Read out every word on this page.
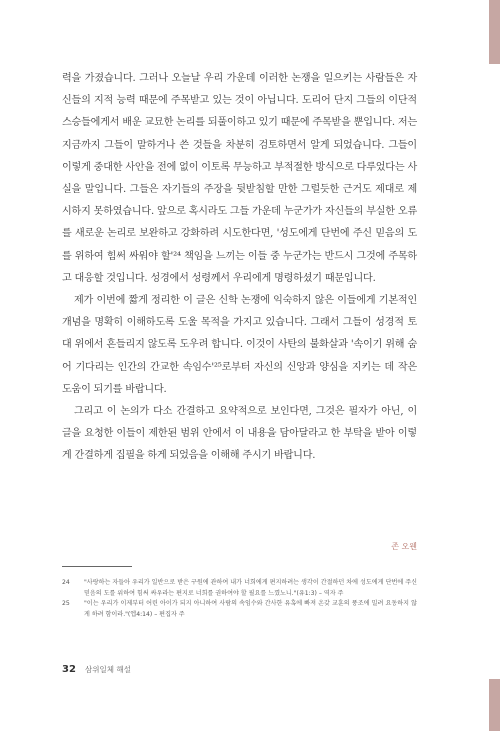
력을 가졌습니다. 그러나 오늘날 우리 가운데 이러한 논쟁을 일으키는 사람들은 자신들의 지적 능력 때문에 주목받고 있는 것이 아닙니다. 도리어 단지 그들의 이단적 스승들에게서 배운 교묘한 논리를 되풀이하고 있기 때문에 주목받을 뿐입니다. 저는 지금까지 그들이 말하거나 쓴 것들을 차분히 검토하면서 알게 되었습니다. 그들이 이렇게 중대한 사안을 전에 없이 이토록 무능하고 부적절한 방식으로 다루었다는 사실을 말입니다. 그들은 자기들의 주장을 뒷받침할 만한 그럴듯한 근거도 제대로 제시하지 못하였습니다. 앞으로 혹시라도 그들 가운데 누군가가 자신들의 부실한 오류를 새로운 논리로 보완하고 강화하려 시도한다면, '성도에게 단번에 주신 믿음의 도를 위하여 힘써 싸워야 할'²⁴ 책임을 느끼는 이들 중 누군가는 반드시 그것에 주목하고 대응할 것입니다. 성경에서 성령께서 우리에게 명령하셨기 때문입니다.

제가 이번에 짧게 정리한 이 글은 신학 논쟁에 익숙하지 않은 이들에게 기본적인 개념을 명확히 이해하도록 도울 목적을 가지고 있습니다. 그래서 그들이 성경적 토대 위에서 흔들리지 않도록 도우려 합니다. 이것이 사탄의 불화살과 '속이기 위해 숨어 기다리는 인간의 간교한 속임수'²⁵로부터 자신의 신앙과 양심을 지키는 데 작은 도움이 되기를 바랍니다.

그리고 이 논의가 다소 간결하고 요약적으로 보인다면, 그것은 필자가 아닌, 이 글을 요청한 이들이 제한된 범위 안에서 이 내용을 담아달라고 한 부탁을 받아 이렇게 간결하게 집필을 하게 되었음을 이해해 주시기 바랍니다.

존 오웬
24	"사랑하는 자들아 우리가 일반으로 받은 구원에 관하여 내가 너희에게 편지하려는 생각이 간절하던 차에 성도에게 단번에 주신 믿음의 도를 위하여 힘써 싸우라는 편지로 너희를 권하여야 할 필요를 느꼈노니."(유1:3) – 역자 주
25	"이는 우리가 이제부터 어린 아이가 되지 아니하여 사람의 속임수와 간사한 유혹에 빠져 온갖 교훈의 풍조에 밀려 요동하지 않게 하려 함이라."(엡4:14) – 편집자 주
32 삼위일체 해설
